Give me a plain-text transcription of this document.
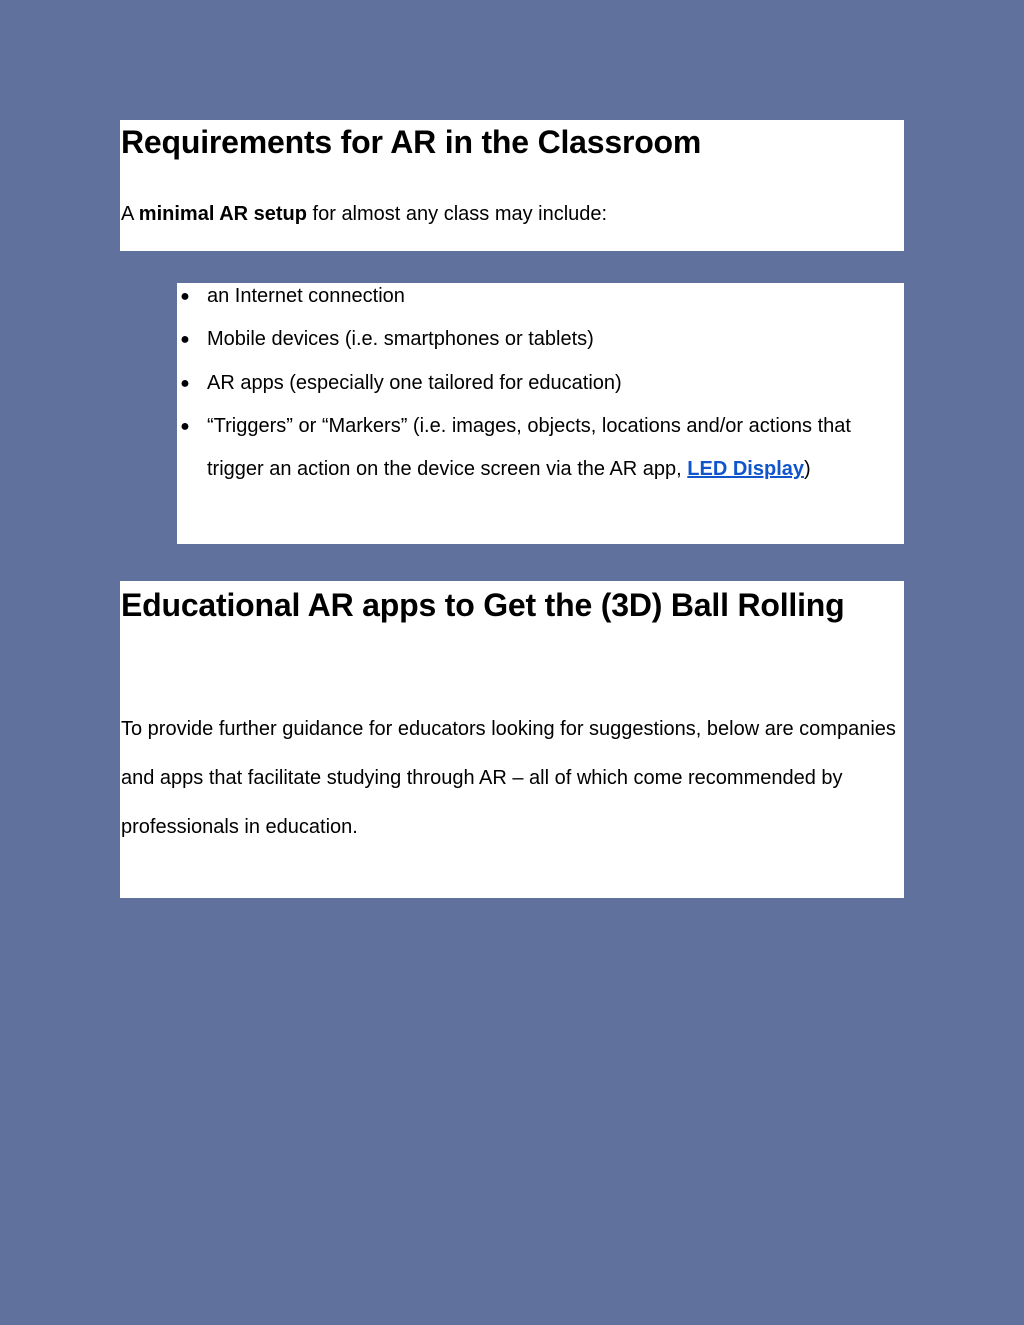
Requirements for AR in the Classroom

A minimal AR setup for almost any class may include:

● an Internet connection
● Mobile devices (i.e. smartphones or tablets)
● AR apps (especially one tailored for education)
● “Triggers” or “Markers” (i.e. images, objects, locations and/or actions that trigger an action on the device screen via the AR app, LED Display)
Educational AR apps to Get the (3D) Ball Rolling

To provide further guidance for educators looking for suggestions, below are companies and apps that facilitate studying through AR – all of which come recommended by professionals in education.
